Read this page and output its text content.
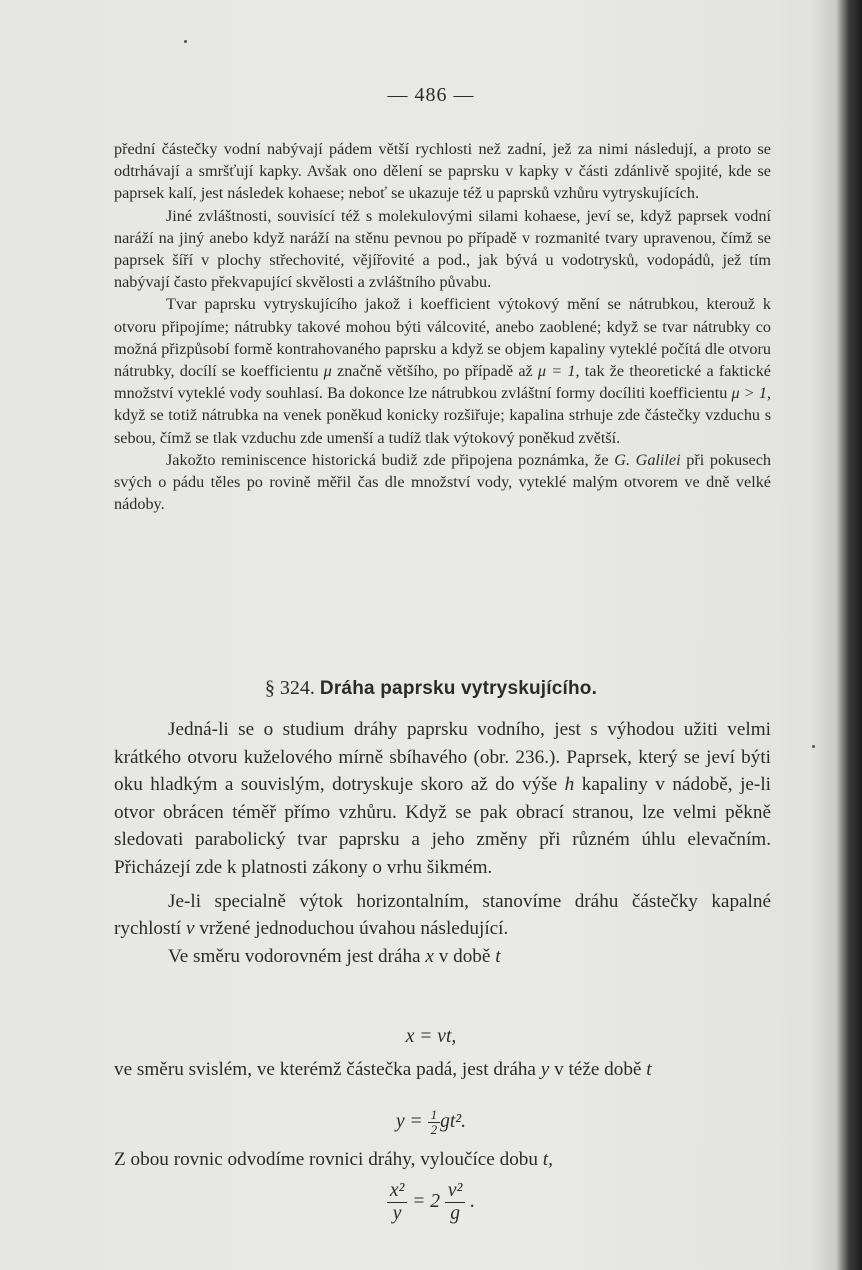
— 486 —

přední částečky vodní nabývají pádem větší rychlosti než zadní, jež za nimi následují, a proto se odtrhávají a smršťují kapky. Avšak ono dělení se paprsku v kapky v části zdánlivě spojité, kde se paprsek kalí, jest následek kohaese; neboť se ukazuje též u paprsků vzhůru vytryskujících.

Jiné zvláštnosti, souvisící též s molekulovými silami kohaese, jeví se, když paprsek vodní naráží na jiný anebo když naráží na stěnu pevnou po případě v rozmanité tvary upravenou, čímž se paprsek šíří v plochy střechovité, vějířovité a pod., jak bývá u vodotrysků, vodopádů, jež tím nabývají často překvapující skvělosti a zvláštního půvabu.

Tvar paprsku vytryskujícího jakož i koefficient výtokový mění se nátrubkou, kterouž k otvoru připojíme; nátrubky takové mohou býti válcovité, anebo zaoblené; když se tvar nátrubky co možná přizpůsobí formě kontrahovaného paprsku a když se objem kapaliny vyteklé počítá dle otvoru nátrubky, docílí se koefficientu μ značně většího, po případě až μ = 1, tak že theoretické a faktické množství vyteklé vody souhlasí. Ba dokonce lze nátrubkou zvláštní formy docíliti koefficientu μ > 1, když se totiž nátrubka na venek poněkud konicky rozšiřuje; kapalina strhuje zde částečky vzduchu s sebou, čímž se tlak vzduchu zde umenší a tudíž tlak výtokový poněkud zvětší.

Jakožto reminiscence historická budiž zde připojena poznámka, že G. Galilei při pokusech svých o pádu těles po rovině měřil čas dle množství vody, vyteklé malým otvorem ve dně velké nádoby.

§ 324. Dráha paprsku vytryskujícího.

Jedná-li se o studium dráhy paprsku vodního, jest s výhodou užiti velmi krátkého otvoru kuželového mírně sbíhavého (obr. 236.). Paprsek, který se jeví býti oku hladkým a souvislým, dotryskuje skoro až do výše h kapaliny v nádobě, je-li otvor obrácen téměř přímo vzhůru. Když se pak obrací stranou, lze velmi pěkně sledovati parabolický tvar paprsku a jeho změny při různém úhlu elevačním. Přicházejí zde k platnosti zákony o vrhu šikmém.

Je-li specialně výtok horizontalním, stanovíme dráhu částečky kapalné rychlostí v vržené jednoduchou úvahou následující.

Ve směru vodorovném jest dráha x v době t

x = vt,

ve směru svislém, ve kterémž částečka padá, jest dráha y v téže době t

$y = \frac{1}{2} gt^2$.

Z obou rovnic odvodíme rovnici dráhy, vyloučíce dobu t,

$\frac{\text{x²}}{y} = 2 \frac{\text{v²}}{g}$ .
